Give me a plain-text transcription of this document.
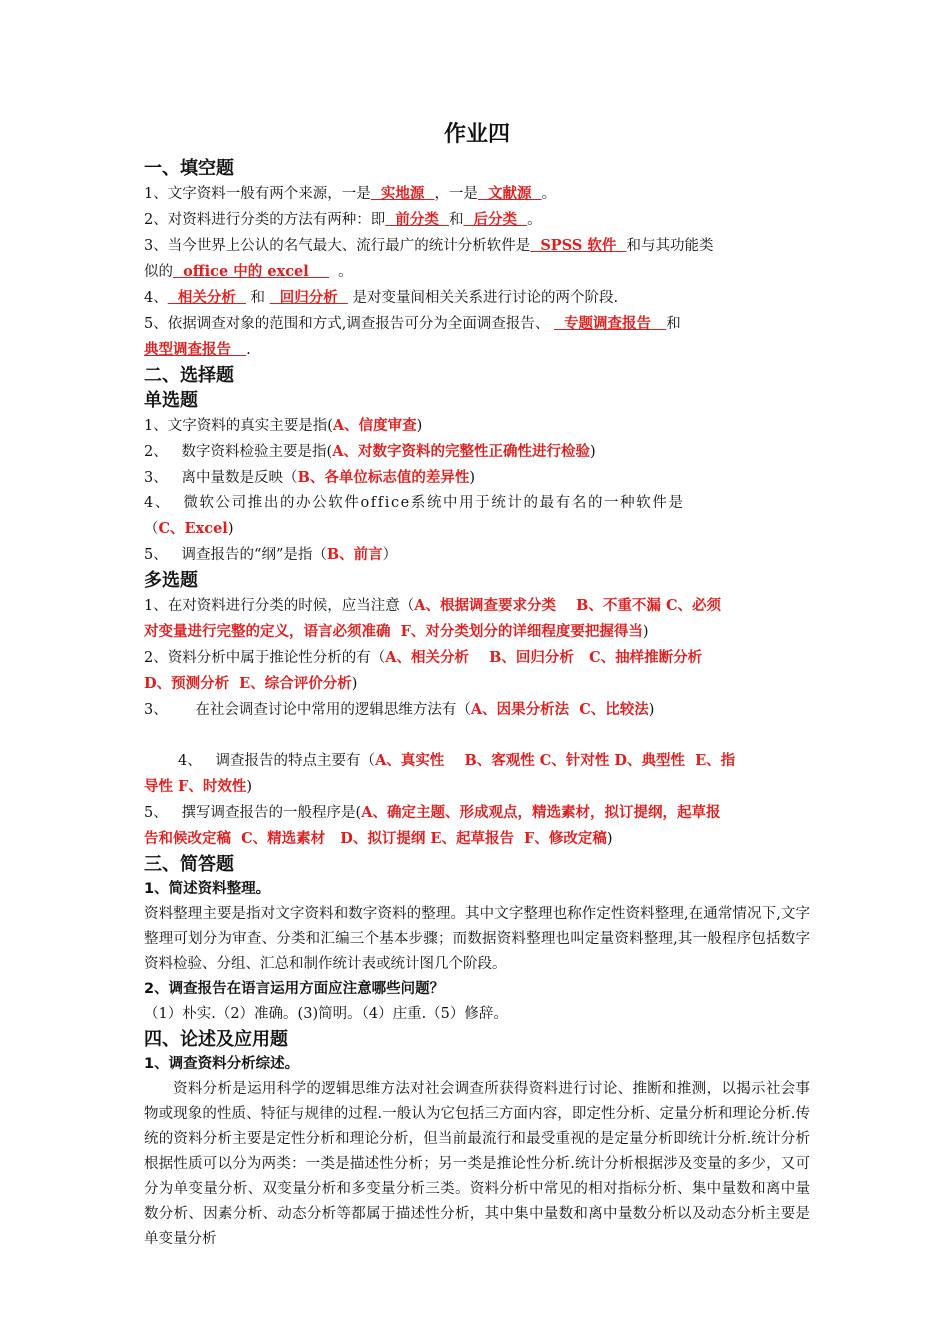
作业四
一、填空题
1、文字资料一般有两个来源，一是  实地源  ，一是  文献源  。
2、对资料进行分类的方法有两种：即  前分类  和  后分类  。
3、当今世界上公认的名气最大、流行最广的统计分析软件是  SPSS 软件  和与其功能类
似的  office 中的 excel      。
4、  相关分析   和   回归分析   是对变量间相关关系进行讨论的两个阶段.
5、依据调查对象的范围和方式,调查报告可分为全面调查报告、   专题调查报告   和
典型调查报告   .
二、选择题
单选题
1、文字资料的真实主要是指(A、信度审查)
2、   数字资料检验主要是指(A、对数字资料的完整性正确性进行检验)
3、   离中量数是反映（B、各单位标志值的差异性)
4、  微软公司推出的办公软件office系统中用于统计的最有名的一种软件是
（C、Excel)
5、   调查报告的“纲”是指（B、前言）
多选题
1、在对资料进行分类的时候，应当注意（A、根据调查要求分类    B、不重不漏 C、必须
对变量进行完整的定义，语言必须准确  F、对分类划分的详细程度要把握得当)
2、资料分析中属于推论性分析的有（A、相关分析    B、回归分析   C、抽样推断分析
D、预测分析  E、综合评价分析)
3、      在社会调查讨论中常用的逻辑思维方法有（A、因果分析法  C、比较法)
4、   调查报告的特点主要有（A、真实性    B、客观性 C、针对性 D、典型性  E、指
导性 F、时效性)
5、   撰写调查报告的一般程序是(A、确定主题、形成观点，精选素材，拟订提纲，起草报
告和候改定稿  C、精选素材   D、拟订提纲 E、起草报告  F、修改定稿)
三、简答题
1、简述资料整理。
资料整理主要是指对文字资料和数字资料的整理。其中文字整理也称作定性资料整理,在通常情况下,文字整理可划分为审查、分类和汇编三个基本步骤；而数据资料整理也叫定量资料整理,其一般程序包括数字资料检验、分组、汇总和制作统计表或统计图几个阶段。
2、调查报告在语言运用方面应注意哪些问题？
（1）朴实.（2）准确。(3)简明。（4）庄重.（5）修辞。
四、论述及应用题
1、调查资料分析综述。
资料分析是运用科学的逻辑思维方法对社会调查所获得资料进行讨论、推断和推测，以揭示社会事物或现象的性质、特征与规律的过程.一般认为它包括三方面内容，即定性分析、定量分析和理论分析.传统的资料分析主要是定性分析和理论分析，但当前最流行和最受重视的是定量分析即统计分析.统计分析根据性质可以分为两类：一类是描述性分析；另一类是推论性分析.统计分析根据涉及变量的多少，又可分为单变量分析、双变量分析和多变量分析三类。资料分析中常见的相对指标分析、集中量数和离中量数分析、因素分析、动态分析等都属于描述性分析，其中集中量数和离中量数分析以及动态分析主要是单变量分析
